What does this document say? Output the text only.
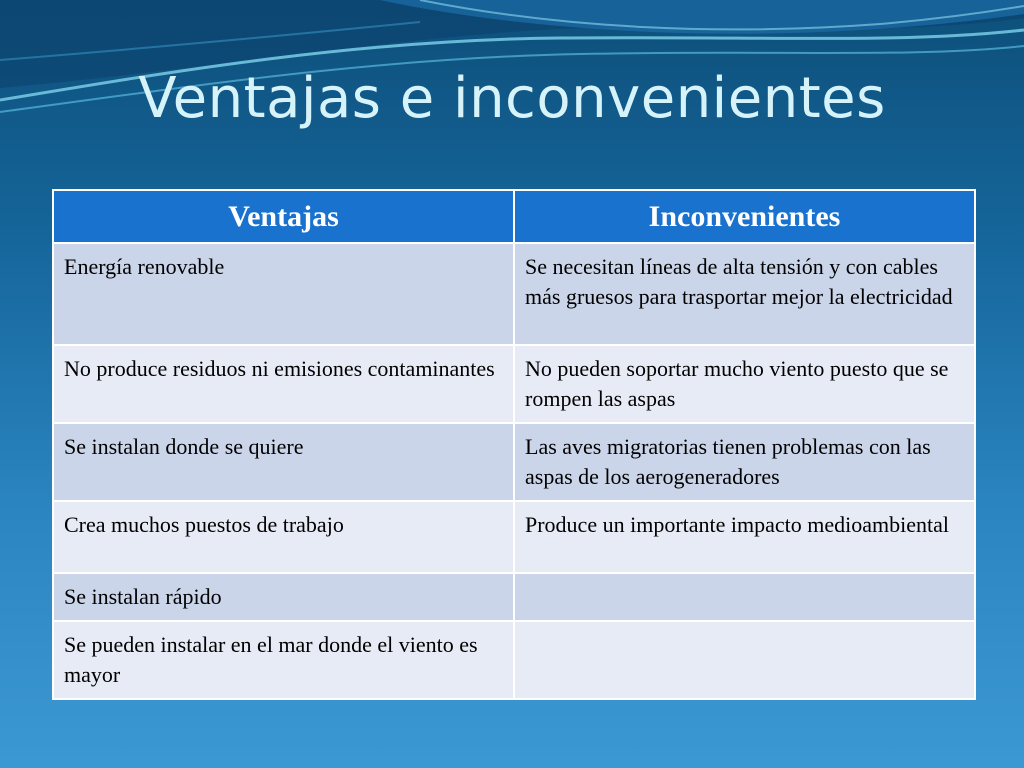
Ventajas e inconvenientes
Ventajas	Inconvenientes
Energía renovable	Se necesitan líneas de alta tensión y con cables más gruesos para trasportar mejor la electricidad
No produce residuos ni emisiones contaminantes	No pueden soportar mucho viento puesto que se rompen las aspas
Se instalan donde se quiere	Las aves migratorias tienen problemas con las aspas de los aerogeneradores
Crea muchos puestos de trabajo	Produce un importante impacto medioambiental
Se instalan rápido	
Se pueden instalar en el mar donde el viento es mayor	
